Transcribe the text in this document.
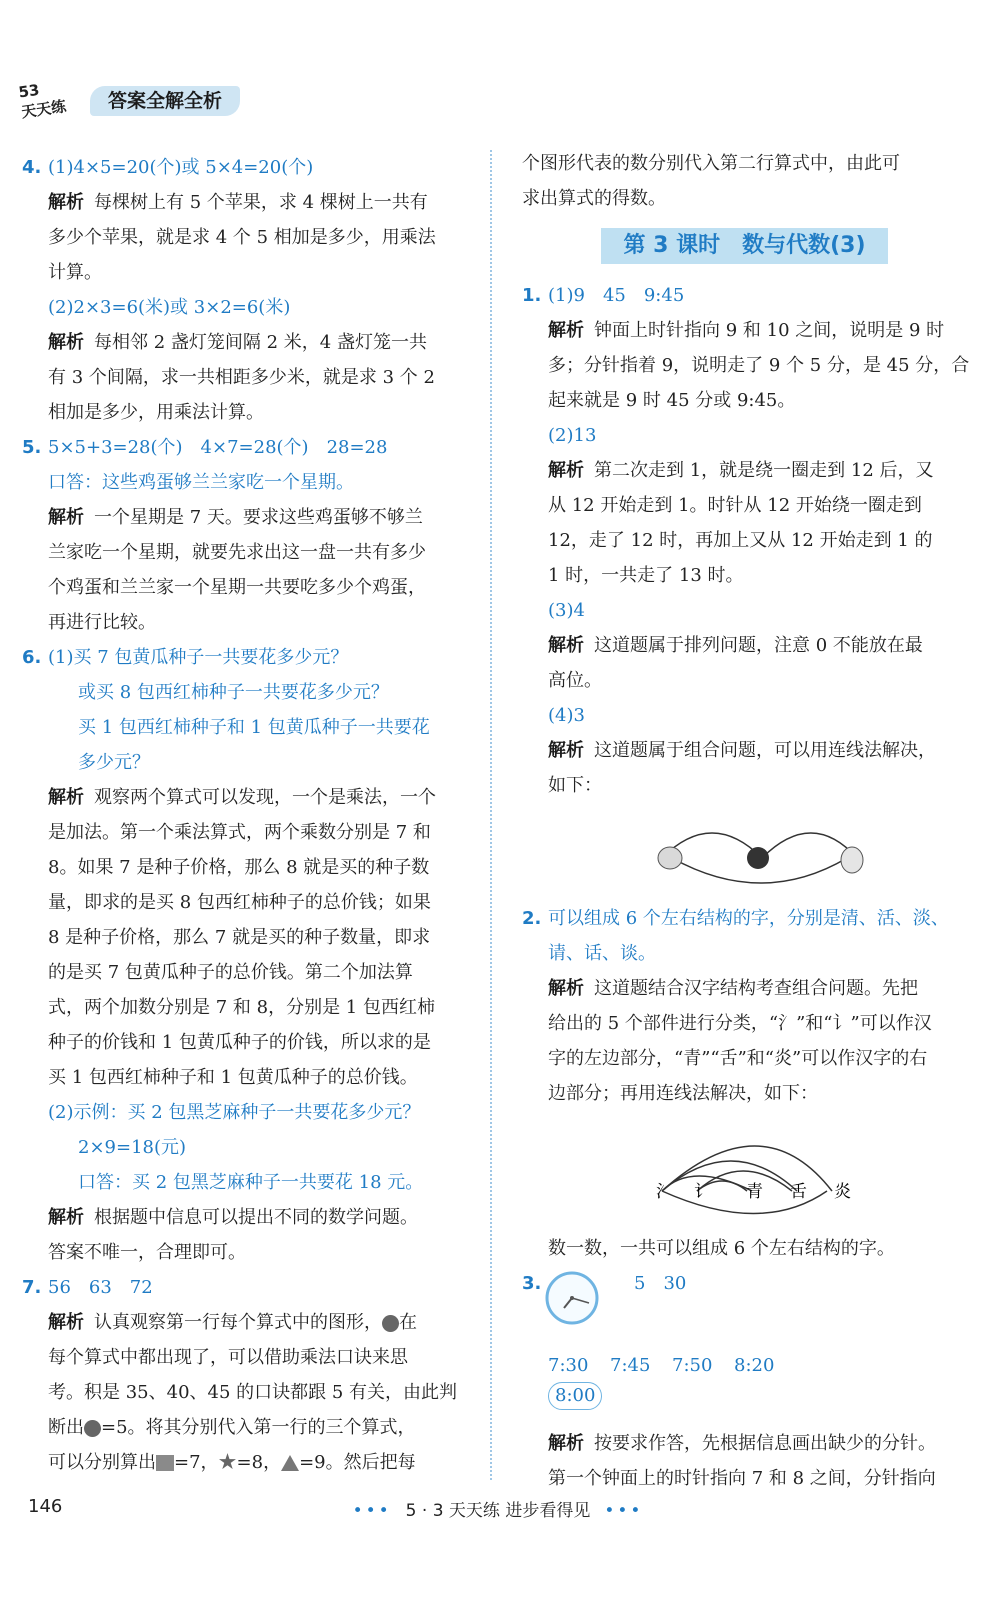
53
天天练	答案全解全析
4. (1)4×5=20(个)或 5×4=20(个)
解析 每棵树上有 5 个苹果，求 4 棵树上一共有
多少个苹果，就是求 4 个 5 相加是多少，用乘法
计算。
(2)2×3=6(米)或 3×2=6(米)
解析 每相邻 2 盏灯笼间隔 2 米，4 盏灯笼一共
有 3 个间隔，求一共相距多少米，就是求 3 个 2
相加是多少，用乘法计算。
5. 5×5+3=28(个)　4×7=28(个)　28=28
口答：这些鸡蛋够兰兰家吃一个星期。
解析 一个星期是 7 天。要求这些鸡蛋够不够兰
兰家吃一个星期，就要先求出这一盘一共有多少
个鸡蛋和兰兰家一个星期一共要吃多少个鸡蛋，
再进行比较。
6. (1)买 7 包黄瓜种子一共要花多少元？
或买 8 包西红柿种子一共要花多少元？
买 1 包西红柿种子和 1 包黄瓜种子一共要花
多少元？
解析 观察两个算式可以发现，一个是乘法，一个
是加法。第一个乘法算式，两个乘数分别是 7 和
8。如果 7 是种子价格，那么 8 就是买的种子数
量，即求的是买 8 包西红柿种子的总价钱；如果
8 是种子价格，那么 7 就是买的种子数量，即求
的是买 7 包黄瓜种子的总价钱。第二个加法算
式，两个加数分别是 7 和 8，分别是 1 包西红柿
种子的价钱和 1 包黄瓜种子的价钱，所以求的是
买 1 包西红柿种子和 1 包黄瓜种子的总价钱。
(2)示例：买 2 包黑芝麻种子一共要花多少元？
2×9=18(元)
口答：买 2 包黑芝麻种子一共要花 18 元。
解析 根据题中信息可以提出不同的数学问题。
答案不唯一，合理即可。
7. 56　63　72
解析 认真观察第一行每个算式中的图形， 在
每个算式中都出现了，可以借助乘法口诀来思
考。积是 35、40、45 的口诀都跟 5 有关，由此判
断出 =5。将其分别代入第一行的三个算式，
可以分别算出 =7，★=8， =9。然后把每
个图形代表的数分别代入第二行算式中，由此可
求出算式的得数。
第 3 课时　数与代数(3)
1. (1)9　45　9:45
解析 钟面上时针指向 9 和 10 之间，说明是 9 时
多；分针指着 9，说明走了 9 个 5 分，是 45 分，合
起来就是 9 时 45 分或 9:45。
(2)13
解析 第二次走到 1，就是绕一圈走到 12 后，又
从 12 开始走到 1。时针从 12 开始绕一圈走到
12，走了 12 时，再加上又从 12 开始走到 1 的
1 时，一共走了 13 时。
(3)4
解析 这道题属于排列问题，注意 0 不能放在最
高位。
(4)3
解析 这道题属于组合问题，可以用连线法解决，
如下：
2. 可以组成 6 个左右结构的字，分别是清、活、淡、
请、话、谈。
解析 这道题结合汉字结构考查组合问题。先把
给出的 5 个部件进行分类，“氵”和“讠”可以作汉
字的左边部分，“青”“舌”和“炎”可以作汉字的右
边部分；再用连线法解决，如下：
氵 讠 青 舌 炎
数一数，一共可以组成 6 个左右结构的字。
3.	5　30
7:30 7:45 7:50 8:20
8:00
解析 按要求作答，先根据信息画出缺少的分针。
第一个钟面上的时针指向 7 和 8 之间，分针指向
146	••• 5 · 3 天天练 进步看得见 •••
